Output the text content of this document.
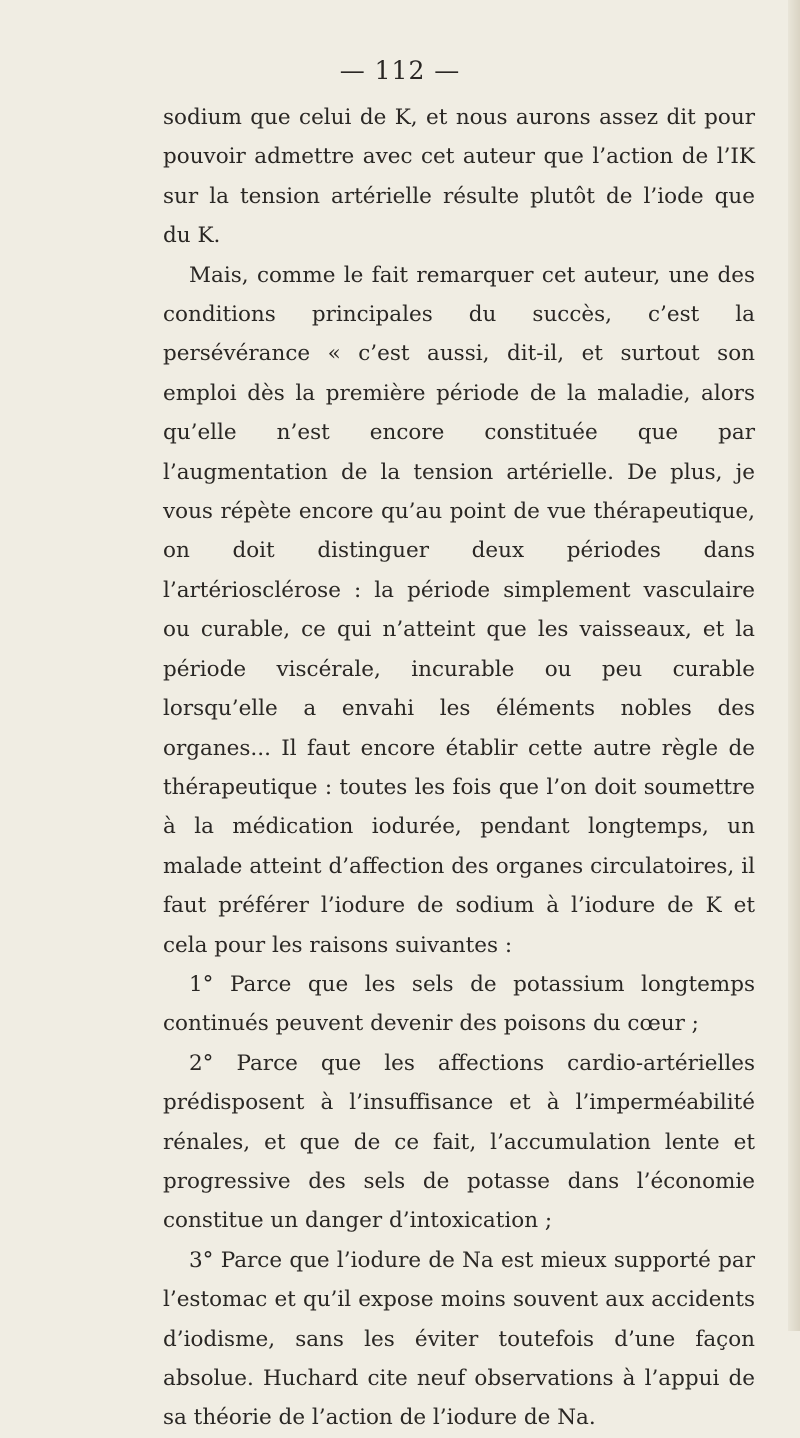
— 112 —

sodium que celui de K, et nous aurons assez dit pour pouvoir admettre avec cet auteur que l’action de l’IK sur la tension artérielle résulte plutôt de l’iode que du K.

Mais, comme le fait remarquer cet auteur, une des conditions principales du succès, c’est la persévérance « c’est aussi, dit-il, et surtout son emploi dès la première période de la maladie, alors qu’elle n’est encore constituée que par l’augmentation de la tension artérielle. De plus, je vous répète encore qu’au point de vue thérapeutique, on doit distinguer deux périodes dans l’artériosclérose : la période simplement vasculaire ou curable, ce qui n’atteint que les vaisseaux, et la période viscérale, incurable ou peu curable lorsqu’elle a envahi les éléments nobles des organes... Il faut encore établir cette autre règle de thérapeutique : toutes les fois que l’on doit soumettre à la médication iodurée, pendant longtemps, un malade atteint d’affection des organes circulatoires, il faut préférer l’iodure de sodium à l’iodure de K et cela pour les raisons suivantes :

1° Parce que les sels de potassium longtemps continués peuvent devenir des poisons du cœur ;

2° Parce que les affections cardio-artérielles prédisposent à l’insuffisance et à l’imperméabilité rénales, et que de ce fait, l’accumulation lente et progressive des sels de potasse dans l’économie constitue un danger d’intoxication ;

3° Parce que l’iodure de Na est mieux supporté par l’estomac et qu’il expose moins souvent aux accidents d’iodisme, sans les éviter toutefois d’une façon absolue. Huchard cite neuf observations à l’appui de sa théorie de l’action de l’iodure de Na.
